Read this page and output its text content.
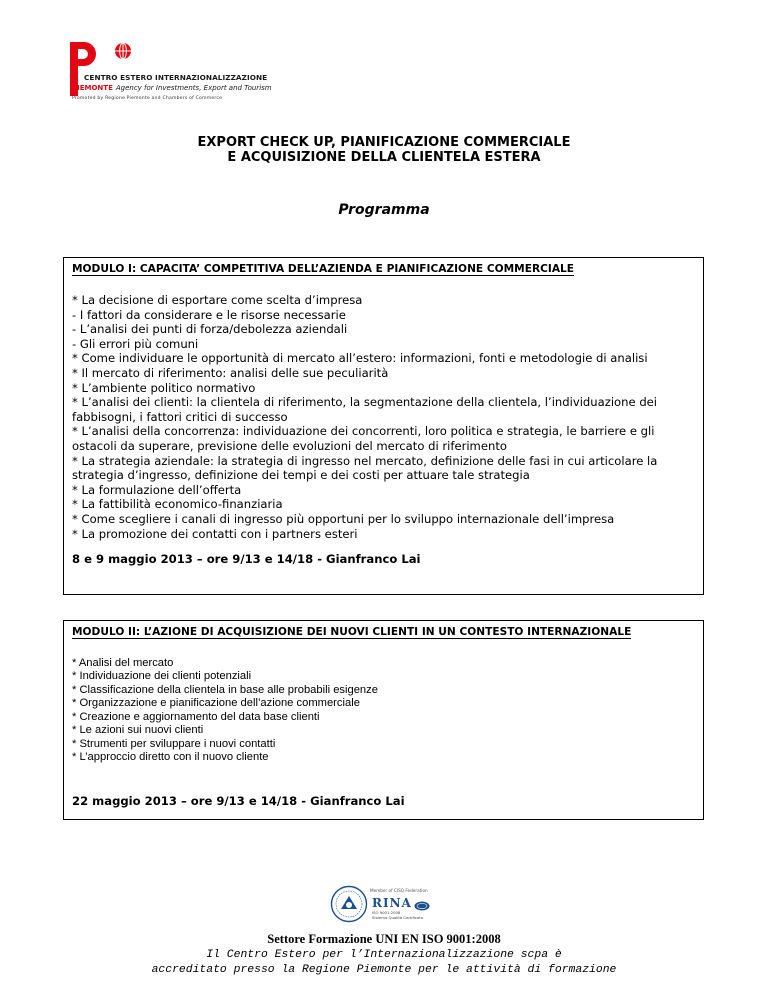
CENTRO ESTERO INTERNAZIONALIZZAZIONE
PIEMONTE Agency for Investments, Export and Tourism
Promoted by Regione Piemonte and Chambers of Commerce
EXPORT CHECK UP, PIANIFICAZIONE COMMERCIALE
E ACQUISIZIONE DELLA CLIENTELA ESTERA
Programma
MODULO I: CAPACITA’ COMPETITIVA DELL’AZIENDA E PIANIFICAZIONE COMMERCIALE
* La decisione di esportare come scelta d’impresa
- I fattori da considerare e le risorse necessarie
- L’analisi dei punti di forza/debolezza aziendali
- Gli errori più comuni
* Come individuare le opportunità di mercato all’estero: informazioni, fonti e metodologie di analisi
* Il mercato di riferimento: analisi delle sue peculiarità
* L’ambiente politico normativo
* L’analisi dei clienti: la clientela di riferimento, la segmentazione della clientela, l’individuazione dei fabbisogni, i fattori critici di successo
* L’analisi della concorrenza: individuazione dei concorrenti, loro politica e strategia, le barriere e gli ostacoli da superare, previsione delle evoluzioni del mercato di riferimento
* La strategia aziendale: la strategia di ingresso nel mercato, definizione delle fasi in cui articolare la strategia d’ingresso, definizione dei tempi e dei costi per attuare tale strategia
* La formulazione dell’offerta
* La fattibilità economico-finanziaria
* Come scegliere i canali di ingresso più opportuni per lo sviluppo internazionale dell’impresa
* La promozione dei contatti con i partners esteri
8 e 9 maggio 2013 – ore 9/13 e 14/18 - Gianfranco Lai
MODULO II: L’AZIONE DI ACQUISIZIONE DEI NUOVI CLIENTI IN UN CONTESTO INTERNAZIONALE
* Analisi del mercato
* Individuazione dei clienti potenziali
* Classificazione della clientela in base alle probabili esigenze
* Organizzazione e pianificazione dell’azione commerciale
* Creazione e aggiornamento del data base clienti
* Le azioni sui nuovi clienti
* Strumenti per sviluppare i nuovi contatti
* L’approccio diretto con il nuovo cliente
22 maggio 2013 – ore 9/13 e 14/18 - Gianfranco Lai
Member of CISQ Federation
RINA
ISO 9001:2008
Sistema Qualità Certificato
Settore Formazione UNI EN ISO 9001:2008
Il Centro Estero per l’Internazionalizzazione scpa è
accreditato presso la Regione Piemonte per le attività di formazione
